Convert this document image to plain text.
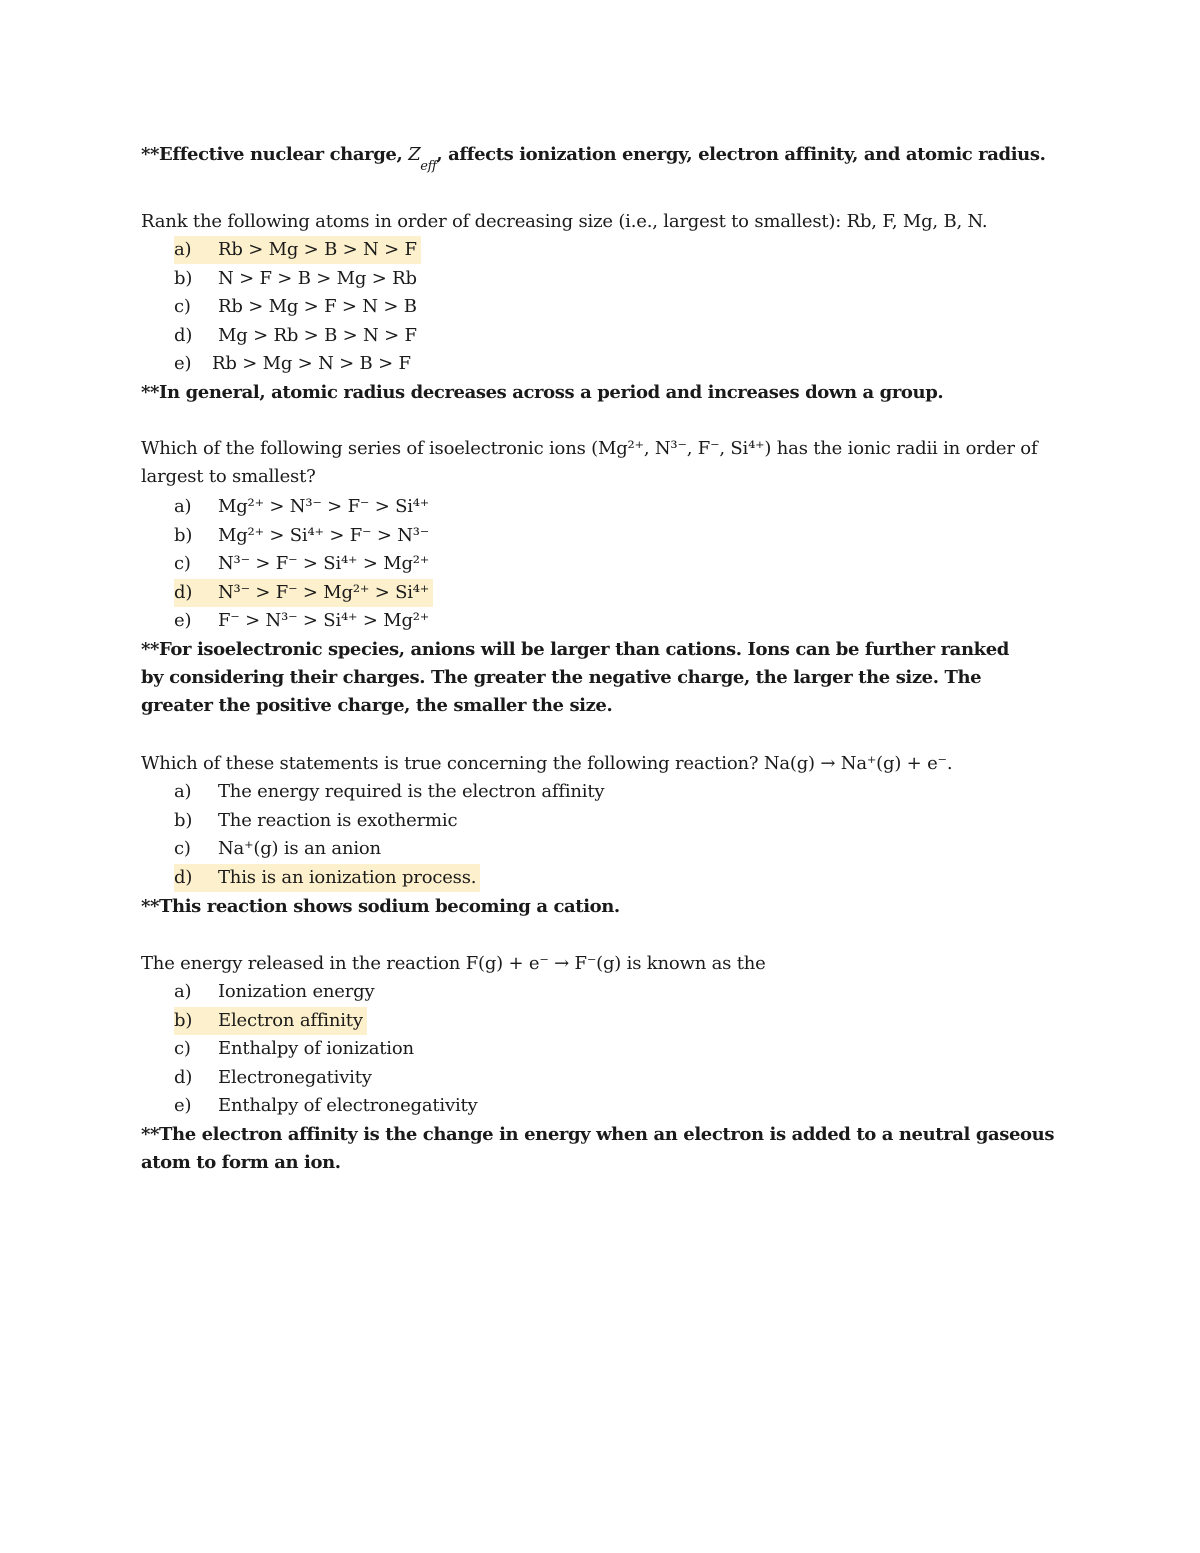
**Effective nuclear charge, $Z_{eff}$, affects ionization energy, electron affinity, and atomic radius.
Rank the following atoms in order of decreasing size (i.e., largest to smallest): Rb, F, Mg, B, N.
a) Rb > Mg > B > N > F
b) N > F > B > Mg > Rb
c) Rb > Mg > F > N > B
d) Mg > Rb > B > N > F
e) Rb > Mg > N > B > F
**In general, atomic radius decreases across a period and increases down a group.
Which of the following series of isoelectronic ions (Mg²⁺, N³⁻, F⁻, Si⁴⁺) has the ionic radii in order of largest to smallest?
a) Mg²⁺ > N³⁻ > F⁻ > Si⁴⁺
b) Mg²⁺ > Si⁴⁺ > F⁻ > N³⁻
c) N³⁻ > F⁻ > Si⁴⁺ > Mg²⁺
d) N³⁻ > F⁻ > Mg²⁺ > Si⁴⁺
e) F⁻ > N³⁻ > Si⁴⁺ > Mg²⁺
**For isoelectronic species, anions will be larger than cations. Ions can be further ranked by considering their charges. The greater the negative charge, the larger the size. The greater the positive charge, the smaller the size.
Which of these statements is true concerning the following reaction? Na(g) → Na⁺(g) + e⁻.
a) The energy required is the electron affinity
b) The reaction is exothermic
c) Na⁺(g) is an anion
d) This is an ionization process.
**This reaction shows sodium becoming a cation.
The energy released in the reaction F(g) + e⁻ → F⁻(g) is known as the
a) Ionization energy
b) Electron affinity
c) Enthalpy of ionization
d) Electronegativity
e) Enthalpy of electronegativity
**The electron affinity is the change in energy when an electron is added to a neutral gaseous atom to form an ion.
